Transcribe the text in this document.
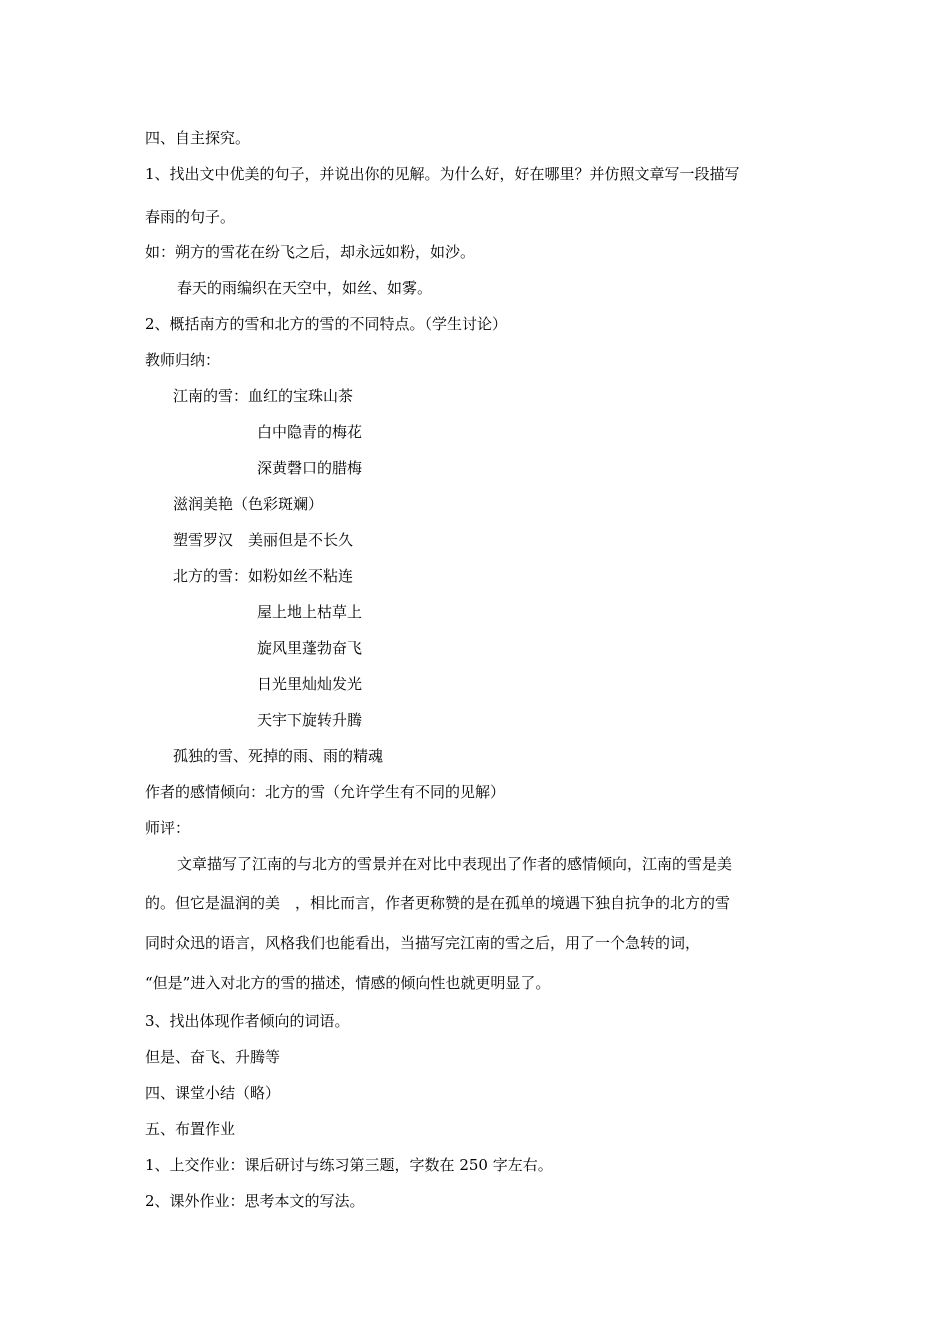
四、自主探究。
1、找出文中优美的句子，并说出你的见解。为什么好，好在哪里？并仿照文章写一段描写
春雨的句子。
如：朔方的雪花在纷飞之后，却永远如粉，如沙。
春天的雨编织在天空中，如丝、如雾。
2、概括南方的雪和北方的雪的不同特点。（学生讨论）
教师归纳：
江南的雪：血红的宝珠山茶
白中隐青的梅花
深黄磬口的腊梅
滋润美艳（色彩斑斓）
塑雪罗汉　美丽但是不长久
北方的雪：如粉如丝不粘连
屋上地上枯草上
旋风里蓬勃奋飞
日光里灿灿发光
天宇下旋转升腾
孤独的雪、死掉的雨、雨的精魂
作者的感情倾向：北方的雪（允许学生有不同的见解）
师评：
文章描写了江南的与北方的雪景并在对比中表现出了作者的感情倾向，江南的雪是美
的。但它是温润的美　，相比而言，作者更称赞的是在孤单的境遇下独自抗争的北方的雪
同时众迅的语言，风格我们也能看出，当描写完江南的雪之后，用了一个急转的词，
“但是”进入对北方的雪的描述，情感的倾向性也就更明显了。
3、找出体现作者倾向的词语。
但是、奋飞、升腾等
四、课堂小结（略）
五、布置作业
1、上交作业：课后研讨与练习第三题，字数在 250 字左右。
2、课外作业：思考本文的写法。
